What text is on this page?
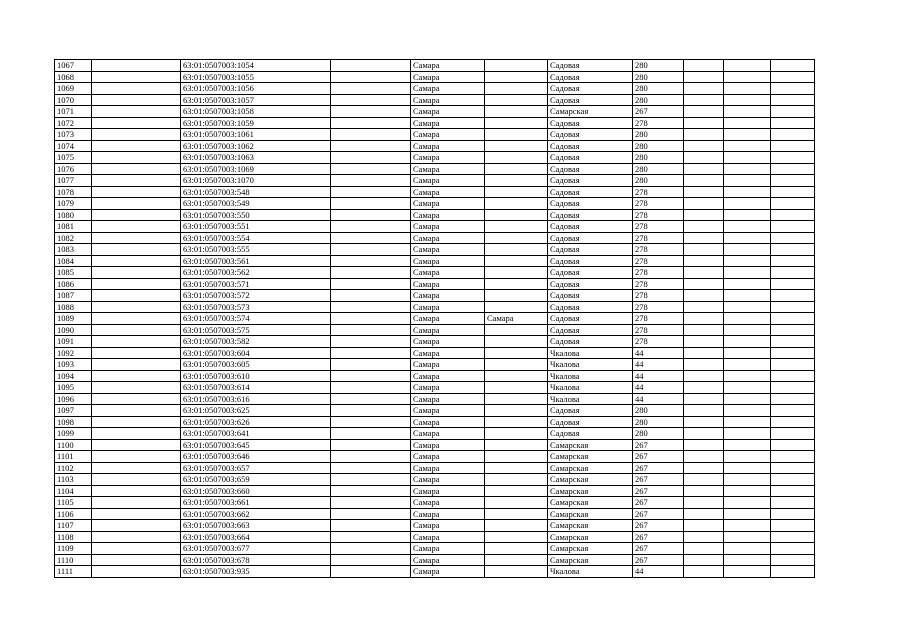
1067		63:01:0507003:1054		Самара		Садовая	280			
1068		63:01:0507003:1055		Самара		Садовая	280			
1069		63:01:0507003:1056		Самара		Садовая	280			
1070		63:01:0507003:1057		Самара		Садовая	280			
1071		63:01:0507003:1058		Самара		Самарская	267			
1072		63:01:0507003:1059		Самара		Садовая	278			
1073		63:01:0507003:1061		Самара		Садовая	280			
1074		63:01:0507003:1062		Самара		Садовая	280			
1075		63:01:0507003:1063		Самара		Садовая	280			
1076		63:01:0507003:1069		Самара		Садовая	280			
1077		63:01:0507003:1070		Самара		Садовая	280			
1078		63:01:0507003:548		Самара		Садовая	278			
1079		63:01:0507003:549		Самара		Садовая	278			
1080		63:01:0507003:550		Самара		Садовая	278			
1081		63:01:0507003:551		Самара		Садовая	278			
1082		63:01:0507003:554		Самара		Садовая	278			
1083		63:01:0507003:555		Самара		Садовая	278			
1084		63:01:0507003:561		Самара		Садовая	278			
1085		63:01:0507003:562		Самара		Садовая	278			
1086		63:01:0507003:571		Самара		Садовая	278			
1087		63:01:0507003:572		Самара		Садовая	278			
1088		63:01:0507003:573		Самара		Садовая	278			
1089		63:01:0507003:574		Самара	Самара	Садовая	278			
1090		63:01:0507003:575		Самара		Садовая	278			
1091		63:01:0507003:582		Самара		Садовая	278			
1092		63:01:0507003:604		Самара		Чкалова	44			
1093		63:01:0507003:605		Самара		Чкалова	44			
1094		63:01:0507003:610		Самара		Чкалова	44			
1095		63:01:0507003:614		Самара		Чкалова	44			
1096		63:01:0507003:616		Самара		Чкалова	44			
1097		63:01:0507003:625		Самара		Садовая	280			
1098		63:01:0507003:626		Самара		Садовая	280			
1099		63:01:0507003:641		Самара		Садовая	280			
1100		63:01:0507003:645		Самара		Самарская	267			
1101		63:01:0507003:646		Самара		Самарская	267			
1102		63:01:0507003:657		Самара		Самарская	267			
1103		63:01:0507003:659		Самара		Самарская	267			
1104		63:01:0507003:660		Самара		Самарская	267			
1105		63:01:0507003:661		Самара		Самарская	267			
1106		63:01:0507003:662		Самара		Самарская	267			
1107		63:01:0507003:663		Самара		Самарская	267			
1108		63:01:0507003:664		Самара		Самарская	267			
1109		63:01:0507003:677		Самара		Самарская	267			
1110		63:01:0507003:678		Самара		Самарская	267			
1111		63:01:0507003:935		Самара		Чкалова	44			
